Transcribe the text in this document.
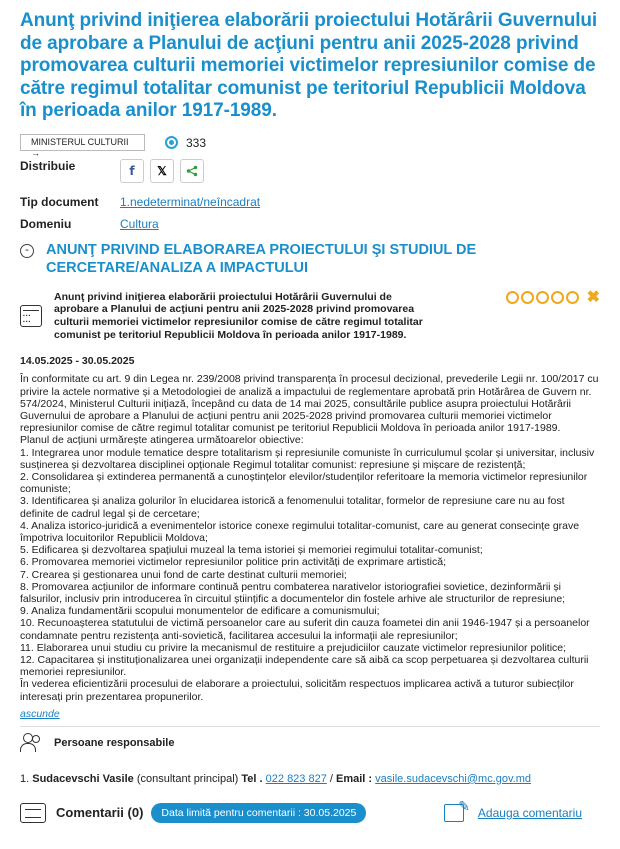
Anunţ privind iniţierea elaborării proiectului Hotărârii Guvernului de aprobare a Planului de acţiuni pentru anii 2025-2028 privind promovarea culturii memoriei victimelor represiunilor comise de către regimul totalitar comunist pe teritoriul Republicii Moldova în perioada anilor 1917-1989.
MINISTERUL CULTURII →
333
Distribuie	f	𝕏
Tip document	1.nedeterminat/neîncadrat
Domeniu	Cultura
-	ANUNŢ PRIVIND ELABORAREA PROIECTULUI ŞI STUDIUL DE CERCETARE/ANALIZA A IMPACTULUI
▪▪▪ ▪▪▪
Anunţ privind iniţierea elaborării proiectului Hotărârii Guvernului de aprobare a Planului de acţiuni pentru anii 2025-2028 privind promovarea culturii memoriei victimelor represiunilor comise de către regimul totalitar comunist pe teritoriul Republicii Moldova în perioada anilor 1917-1989.
✖
14.05.2025 - 30.05.2025

În conformitate cu art. 9 din Legea nr. 239/2008 privind transparența în procesul decizional, prevederile Legii nr. 100/2017 cu privire la actele normative și a Metodologiei de analiză a impactului de reglementare aprobată prin Hotărârea de Guvern nr. 574/2024, Ministerul Culturii inițiază, începând cu data de 14 mai 2025, consultările publice asupra proiectului Hotărârii Guvernului de aprobare a Planului de acțiuni pentru anii 2025-2028 privind promovarea culturii memoriei victimelor represiunilor comise de către regimul totalitar comunist pe teritoriul Republicii Moldova în perioada anilor 1917-1989.

Planul de acțiuni urmărește atingerea următoarelor obiective:

1. Integrarea unor module tematice despre totalitarism și represiunile comuniste în curriculumul școlar și universitar, inclusiv susținerea și dezvoltarea disciplinei opționale Regimul totalitar comunist: represiune și mișcare de rezistență;

2. Consolidarea și extinderea permanentă a cunoștințelor elevilor/studenților referitoare la memoria victimelor represiunilor comuniste;

3. Identificarea și analiza golurilor în elucidarea istorică a fenomenului totalitar, formelor de represiune care nu au fost definite de cadrul legal și de cercetare;

4. Analiza istorico-juridică a evenimentelor istorice conexe regimului totalitar-comunist, care au generat consecințe grave împotriva locuitorilor Republicii Moldova;

5. Edificarea și dezvoltarea spațiului muzeal la tema istoriei și memoriei regimului totalitar-comunist;

6. Promovarea memoriei victimelor represiunilor politice prin activități de exprimare artistică;

7. Crearea și gestionarea unui fond de carte destinat culturii memoriei;

8. Promovarea acțiunilor de informare continuă pentru combaterea narativelor istoriografiei sovietice, dezinformării și falsurilor, inclusiv prin introducerea în circuitul științific a documentelor din fostele arhive ale structurilor de represiune;

9. Analiza fundamentării scopului monumentelor de edificare a comunismului;

10. Recunoașterea statutului de victimă persoanelor care au suferit din cauza foametei din anii 1946-1947 și a persoanelor condamnate pentru rezistența anti-sovietică, facilitarea accesului la informații ale represiunilor;

11. Elaborarea unui studiu cu privire la mecanismul de restituire a prejudiciilor cauzate victimelor represiunilor politice;

12. Capacitarea și instituționalizarea unei organizații independente care să aibă ca scop perpetuarea și dezvoltarea culturii memoriei represiunilor.

În vederea eficientizării procesului de elaborare a proiectului, solicităm respectuos implicarea activă a tuturor subiecților interesați prin prezentarea propunerilor.

ascunde
Persoane responsabile
1. Sudacevschi Vasile (consultant principal) Tel . 022 823 827 / Email : vasile.sudacevschi@mc.gov.md
Comentarii (0)	Data limită pentru comentarii : 30.05.2025 ✎	Adauga comentariu
